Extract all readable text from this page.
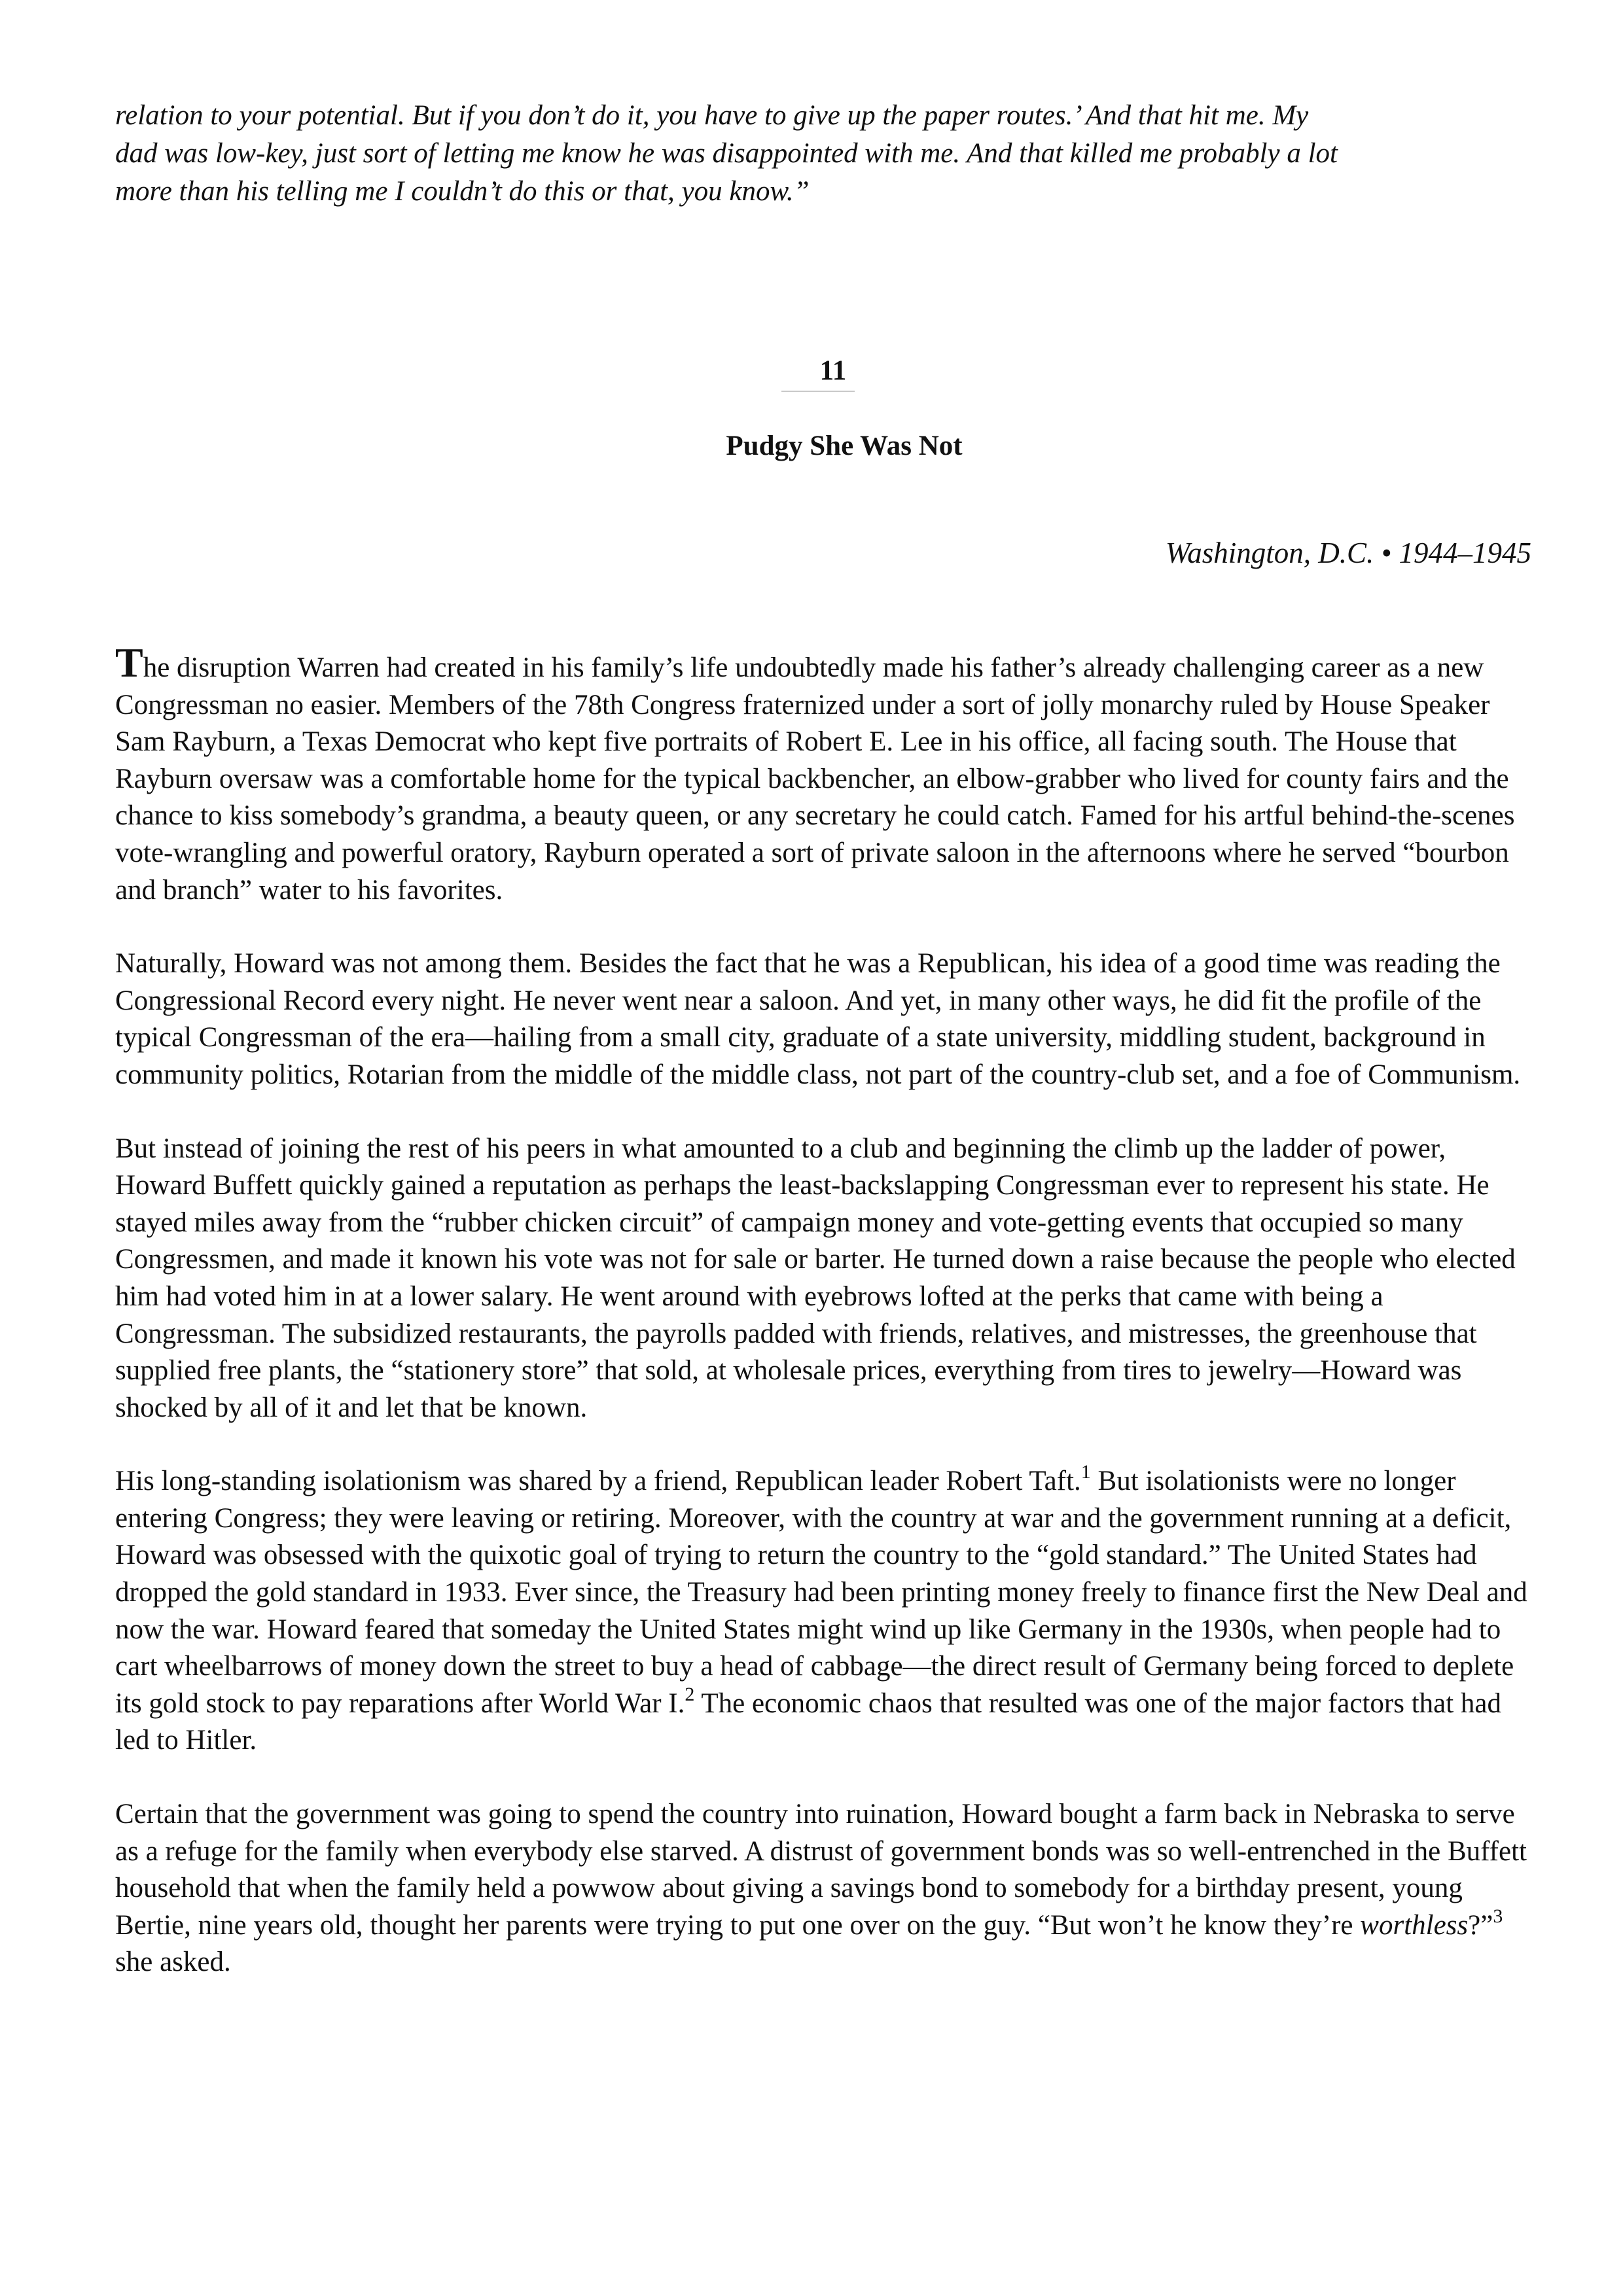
relation to your potential. But if you don’t do it, you have to give up the paper routes.’ And that hit me. My
dad was low-key, just sort of letting me know he was disappointed with me. And that killed me probably a lot
more than his telling me I couldn’t do this or that, you know.”

11
Pudgy She Was Not
Washington, D.C. • 1944–1945

The disruption Warren had created in his family’s life undoubtedly made his father’s already challenging career as a new Congressman no easier. Members of the 78th Congress fraternized under a sort of jolly monarchy ruled by House Speaker Sam Rayburn, a Texas Democrat who kept five portraits of Robert E. Lee in his office, all facing south. The House that Rayburn oversaw was a comfortable home for the typical backbencher, an elbow-grabber who lived for county fairs and the chance to kiss somebody’s grandma, a beauty queen, or any secretary he could catch. Famed for his artful behind-the-scenes vote-wrangling and powerful oratory, Rayburn operated a sort of private saloon in the afternoons where he served “bourbon and branch” water to his favorites.

Naturally, Howard was not among them. Besides the fact that he was a Republican, his idea of a good time was reading the Congressional Record every night. He never went near a saloon. And yet, in many other ways, he did fit the profile of the typical Congressman of the era—hailing from a small city, graduate of a state university, middling student, background in community politics, Rotarian from the middle of the middle class, not part of the country-club set, and a foe of Communism.

But instead of joining the rest of his peers in what amounted to a club and beginning the climb up the ladder of power, Howard Buffett quickly gained a reputation as perhaps the least-backslapping Congressman ever to represent his state. He stayed miles away from the “rubber chicken circuit” of campaign money and vote-getting events that occupied so many Congressmen, and made it known his vote was not for sale or barter. He turned down a raise because the people who elected him had voted him in at a lower salary. He went around with eyebrows lofted at the perks that came with being a Congressman. The subsidized restaurants, the payrolls padded with friends, relatives, and mistresses, the greenhouse that supplied free plants, the “stationery store” that sold, at wholesale prices, everything from tires to jewelry—Howard was shocked by all of it and let that be known.

His long-standing isolationism was shared by a friend, Republican leader Robert Taft.$^1$ But isolationists were no longer entering Congress; they were leaving or retiring. Moreover, with the country at war and the government running at a deficit, Howard was obsessed with the quixotic goal of trying to return the country to the “gold standard.” The United States had dropped the gold standard in 1933. Ever since, the Treasury had been printing money freely to finance first the New Deal and now the war. Howard feared that someday the United States might wind up like Germany in the 1930s, when people had to cart wheelbarrows of money down the street to buy a head of cabbage—the direct result of Germany being forced to deplete its gold stock to pay reparations after World War I.$^2$ The economic chaos that resulted was one of the major factors that had led to Hitler.

Certain that the government was going to spend the country into ruination, Howard bought a farm back in Nebraska to serve as a refuge for the family when everybody else starved. A distrust of government bonds was so well-entrenched in the Buffett household that when the family held a powwow about giving a savings bond to somebody for a birthday present, young Bertie, nine years old, thought her parents were trying to put one over on the guy. “But won’t he know they’re worthless?”$^3$ she asked.
